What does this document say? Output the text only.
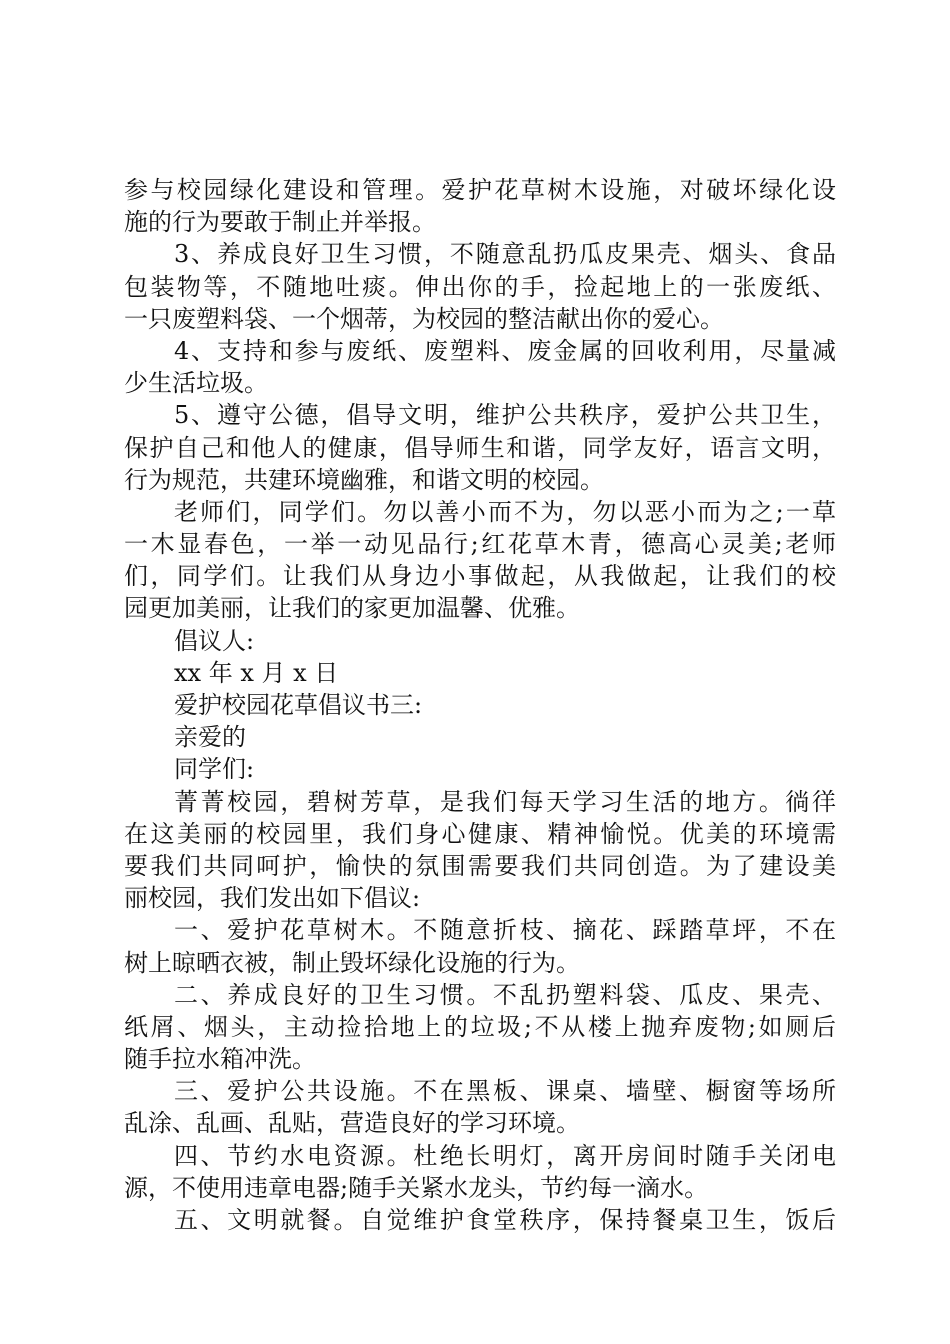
参与校园绿化建设和管理。爱护花草树木设施，对破坏绿化设
施的行为要敢于制止并举报。
3、养成良好卫生习惯，不随意乱扔瓜皮果壳、烟头、食品
包装物等，不随地吐痰。伸出你的手，捡起地上的一张废纸、
一只废塑料袋、一个烟蒂，为校园的整洁献出你的爱心。
4、支持和参与废纸、废塑料、废金属的回收利用，尽量减
少生活垃圾。
5、遵守公德，倡导文明，维护公共秩序，爱护公共卫生，
保护自己和他人的健康，倡导师生和谐，同学友好，语言文明，
行为规范，共建环境幽雅，和谐文明的校园。
老师们，同学们。勿以善小而不为，勿以恶小而为之;一草
一木显春色，一举一动见品行;红花草木青，德高心灵美;老师
们，同学们。让我们从身边小事做起，从我做起，让我们的校
园更加美丽，让我们的家更加温馨、优雅。
倡议人:
xx 年 x 月 x 日
爱护校园花草倡议书三:
亲爱的
同学们:
菁菁校园，碧树芳草，是我们每天学习生活的地方。徜徉
在这美丽的校园里，我们身心健康、精神愉悦。优美的环境需
要我们共同呵护，愉快的氛围需要我们共同创造。为了建设美
丽校园，我们发出如下倡议:
一、爱护花草树木。不随意折枝、摘花、踩踏草坪，不在
树上晾晒衣被，制止毁坏绿化设施的行为。
二、养成良好的卫生习惯。不乱扔塑料袋、瓜皮、果壳、
纸屑、烟头，主动捡拾地上的垃圾;不从楼上抛弃废物;如厕后
随手拉水箱冲洗。
三、爱护公共设施。不在黑板、课桌、墙壁、橱窗等场所
乱涂、乱画、乱贴，营造良好的学习环境。
四、节约水电资源。杜绝长明灯，离开房间时随手关闭电
源，不使用违章电器;随手关紧水龙头，节约每一滴水。
五、文明就餐。自觉维护食堂秩序，保持餐桌卫生，饭后
